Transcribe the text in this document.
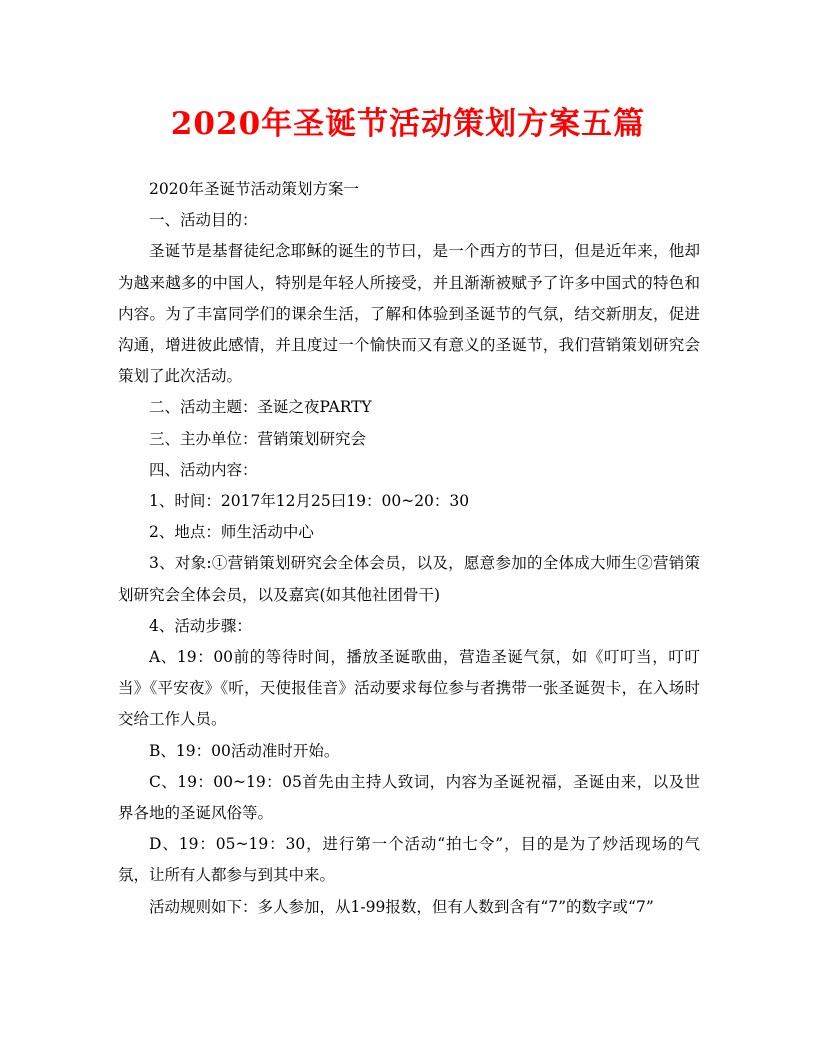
2020年圣诞节活动策划方案五篇

2020年圣诞节活动策划方案一

一、活动目的：

圣诞节是基督徒纪念耶稣的诞生的节曰，是一个西方的节曰，但是近年来，他却为越来越多的中国人，特别是年轻人所接受，并且渐渐被赋予了许多中国式的特色和内容。为了丰富同学们的课余生活，了解和体验到圣诞节的气氛，结交新朋友，促进沟通，增进彼此感情，并且度过一个愉快而又有意义的圣诞节，我们营销策划研究会策划了此次活动。

二、活动主题：圣诞之夜PARTY

三、主办单位：营销策划研究会

四、活动内容：

1、时间：2017年12月25曰19：00~20：30

2、地点：师生活动中心

3、对象:①营销策划研究会全体会员，以及，愿意参加的全体成大师生②营销策划研究会全体会员，以及嘉宾(如其他社团骨干)

4、活动步骤：

A、19：00前的等待时间，播放圣诞歌曲，营造圣诞气氛，如《叮叮当，叮叮当》《平安夜》《听，天使报佳音》活动要求每位参与者携带一张圣诞贺卡，在入场时交给工作人员。

B、19：00活动准时开始。

C、19：00~19：05首先由主持人致词，内容为圣诞祝福，圣诞由来，以及世界各地的圣诞风俗等。

D、19：05~19：30，进行第一个活动“拍七令”，目的是为了炒活现场的气氛，让所有人都参与到其中来。

活动规则如下：多人参加，从1-99报数，但有人数到含有“7”的数字或“7”
